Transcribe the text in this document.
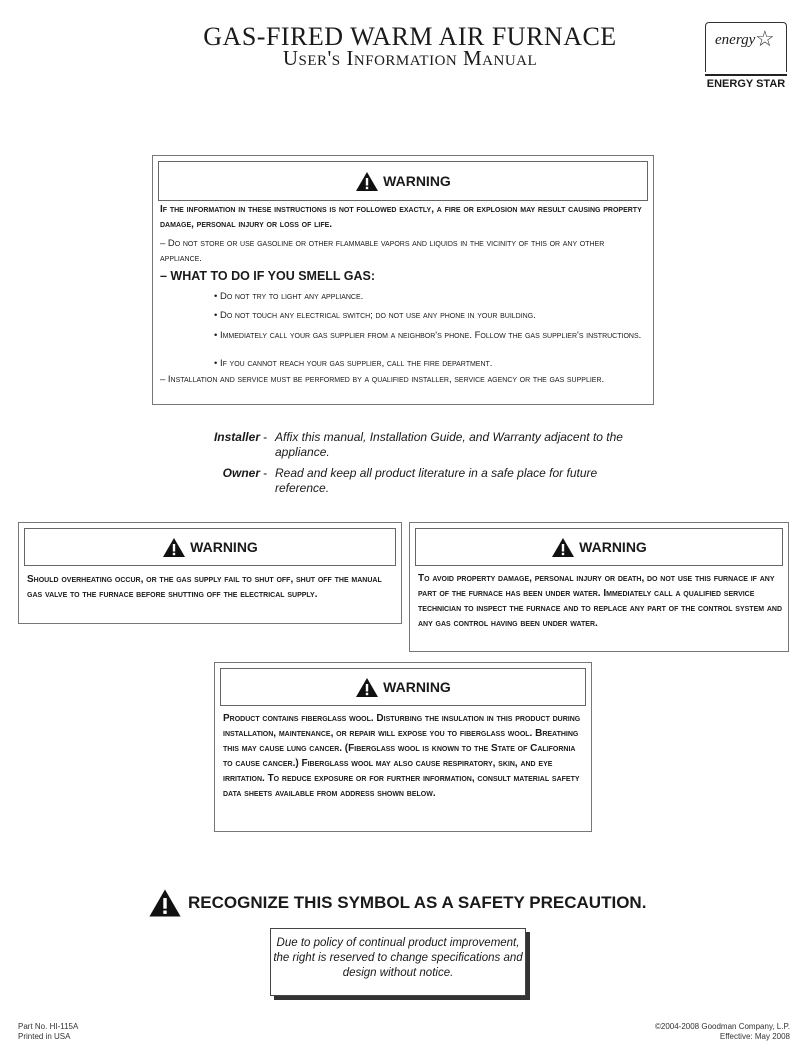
GAS-FIRED WARM AIR FURNACE
User's Information Manual
energy ☆
ENERGY STAR
WARNING
If the information in these instructions is not followed exactly, a fire or explosion may result causing property damage, personal injury or loss of life.
– Do not store or use gasoline or other flammable vapors and liquids in the vicinity of this or any other appliance.
– WHAT TO DO IF YOU SMELL GAS:
• Do not try to light any appliance.
• Do not touch any electrical switch; do not use any phone in your building.
• Immediately call your gas supplier from a neighbor's phone. Follow the gas supplier's instructions.
• If you cannot reach your gas supplier, call the fire department.
– Installation and service must be performed by a qualified installer, service agency or the gas supplier.
Installer - Affix this manual, Installation Guide, and Warranty adjacent to the appliance.
Owner - Read and keep all product literature in a safe place for future reference.
WARNING
Should overheating occur, or the gas supply fail to shut off, shut off the manual gas valve to the furnace before shutting off the electrical supply.
WARNING
To avoid property damage, personal injury or death, do not use this furnace if any part of the furnace has been under water. Immediately call a qualified service technician to inspect the furnace and to replace any part of the control system and any gas control having been under water.
WARNING
Product contains fiberglass wool. Disturbing the insulation in this product during installation, maintenance, or repair will expose you to fiberglass wool. Breathing this may cause lung cancer. (Fiberglass wool is known to the State of California to cause cancer.) Fiberglass wool may also cause respiratory, skin, and eye irritation. To reduce exposure or for further information, consult material safety data sheets available from address shown below.
RECOGNIZE THIS SYMBOL AS A SAFETY PRECAUTION.
Due to policy of continual product improvement, the right is reserved to change specifications and design without notice.
Part No. HI-115A
Printed in USA
©2004-2008 Goodman Company, L.P.
Effective: May 2008
